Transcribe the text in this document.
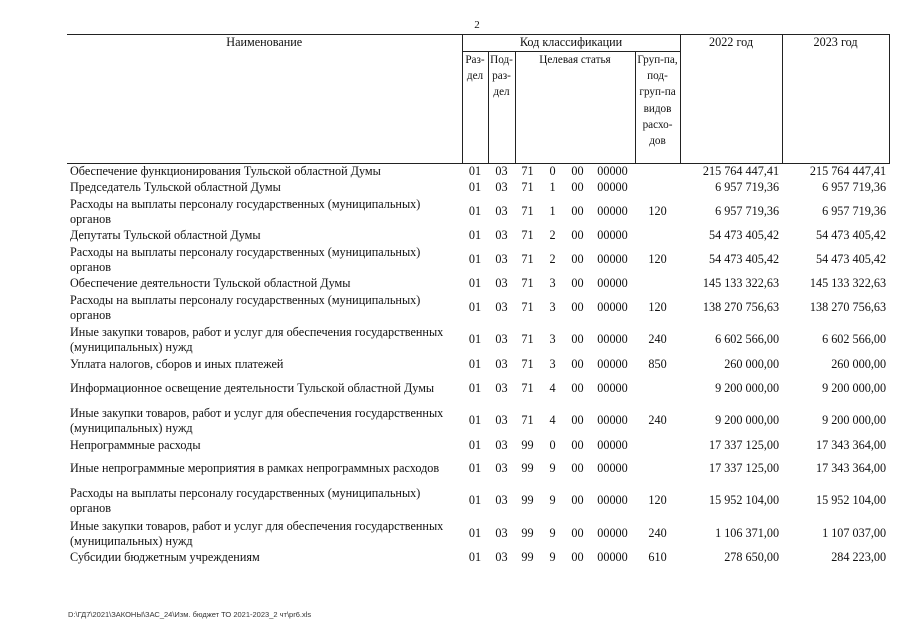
2
Наименование	Код классификации							2022 год	2023 год
	Раз-дел	Под-раз-дел	Целевая статья				Груп-па, под-груп-па видов расхо-дов		
Обеспечение функционирования Тульской областной Думы	01	03	71	0	00	00000		215 764 447,41	215 764 447,41
Председатель Тульской областной Думы	01	03	71	1	00	00000		6 957 719,36	6 957 719,36
Расходы на выплаты персоналу государственных (муниципальных) органов	01	03	71	1	00	00000	120	6 957 719,36	6 957 719,36
Депутаты Тульской областной Думы	01	03	71	2	00	00000		54 473 405,42	54 473 405,42
Расходы на выплаты персоналу государственных (муниципальных) органов	01	03	71	2	00	00000	120	54 473 405,42	54 473 405,42
Обеспечение деятельности Тульской областной Думы	01	03	71	3	00	00000		145 133 322,63	145 133 322,63
Расходы на выплаты персоналу государственных (муниципальных) органов	01	03	71	3	00	00000	120	138 270 756,63	138 270 756,63
Иные закупки товаров, работ и услуг для обеспечения государственных (муниципальных) нужд	01	03	71	3	00	00000	240	6 602 566,00	6 602 566,00
Уплата налогов, сборов и иных платежей	01	03	71	3	00	00000	850	260 000,00	260 000,00
Информационное освещение деятельности Тульской областной Думы	01	03	71	4	00	00000		9 200 000,00	9 200 000,00
Иные закупки товаров, работ и услуг для обеспечения государственных (муниципальных) нужд	01	03	71	4	00	00000	240	9 200 000,00	9 200 000,00
Непрограммные расходы	01	03	99	0	00	00000		17 337 125,00	17 343 364,00
Иные непрограммные мероприятия в рамках непрограммных расходов	01	03	99	9	00	00000		17 337 125,00	17 343 364,00
Расходы на выплаты персоналу государственных (муниципальных) органов	01	03	99	9	00	00000	120	15 952 104,00	15 952 104,00
Иные закупки товаров, работ и услуг для обеспечения государственных (муниципальных) нужд	01	03	99	9	00	00000	240	1 106 371,00	1 107 037,00
Субсидии бюджетным учреждениям	01	03	99	9	00	00000	610	278 650,00	284 223,00
D:\ГД7\2021\ЗАКОНЫ\ЗАС_24\Изм. бюджет ТО 2021-2023_2 чт\pr6.xls
